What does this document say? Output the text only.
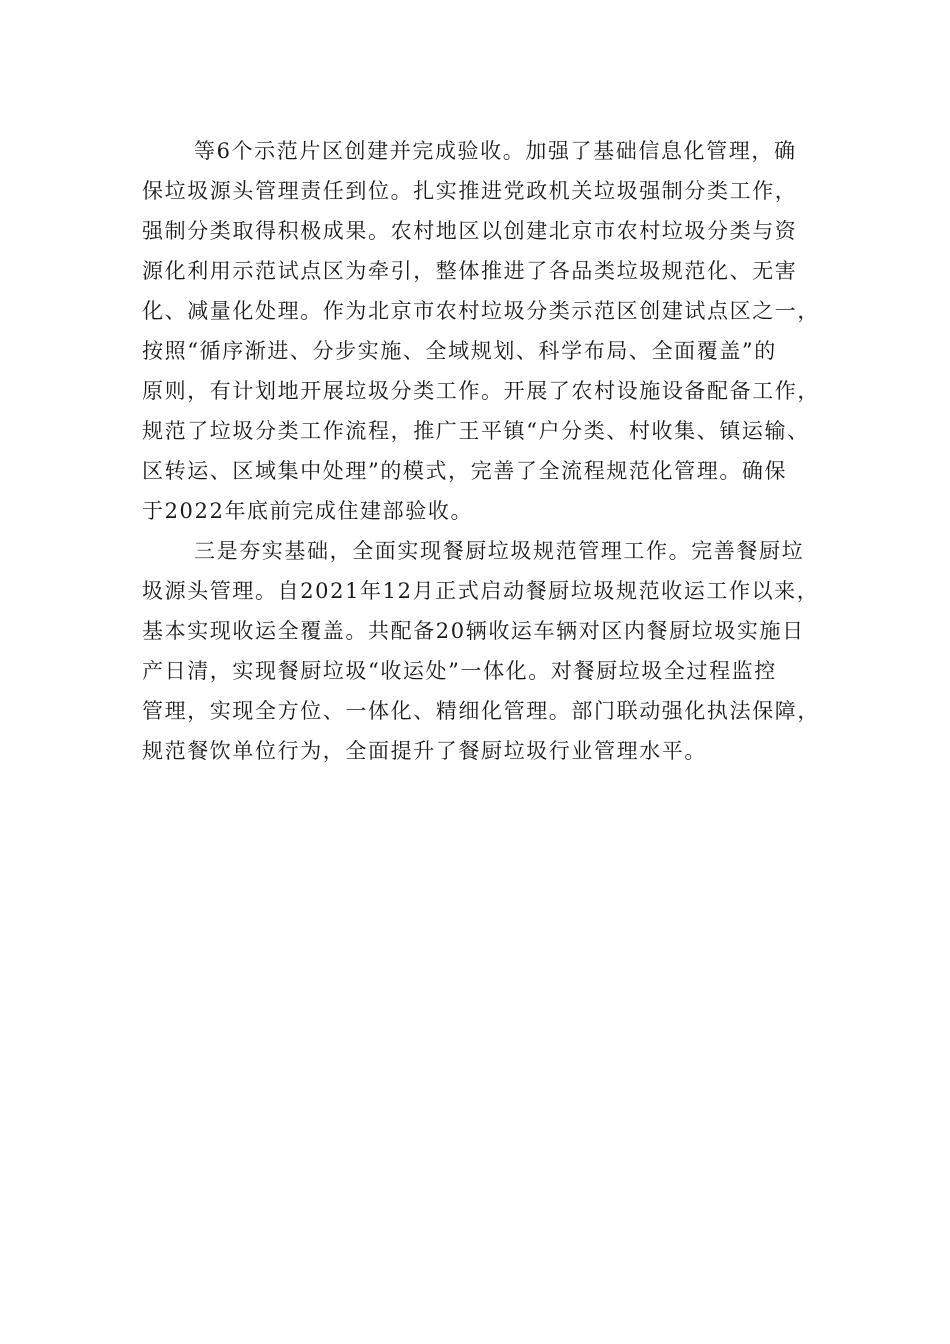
等6个示范片区创建并完成验收。加强了基础信息化管理，确
保垃圾源头管理责任到位。扎实推进党政机关垃圾强制分类工作，
强制分类取得积极成果。农村地区以创建北京市农村垃圾分类与资
源化利用示范试点区为牵引，整体推进了各品类垃圾规范化、无害
化、减量化处理。作为北京市农村垃圾分类示范区创建试点区之一，
按照“循序渐进、分步实施、全域规划、科学布局、全面覆盖”的
原则，有计划地开展垃圾分类工作。开展了农村设施设备配备工作，
规范了垃圾分类工作流程，推广王平镇“户分类、村收集、镇运输、
区转运、区域集中处理”的模式，完善了全流程规范化管理。确保
于2022年底前完成住建部验收。
三是夯实基础，全面实现餐厨垃圾规范管理工作。完善餐厨垃
圾源头管理。自2021年12月正式启动餐厨垃圾规范收运工作以来，
基本实现收运全覆盖。共配备20辆收运车辆对区内餐厨垃圾实施日
产日清，实现餐厨垃圾“收运处”一体化。对餐厨垃圾全过程监控
管理，实现全方位、一体化、精细化管理。部门联动强化执法保障，
规范餐饮单位行为，全面提升了餐厨垃圾行业管理水平。
